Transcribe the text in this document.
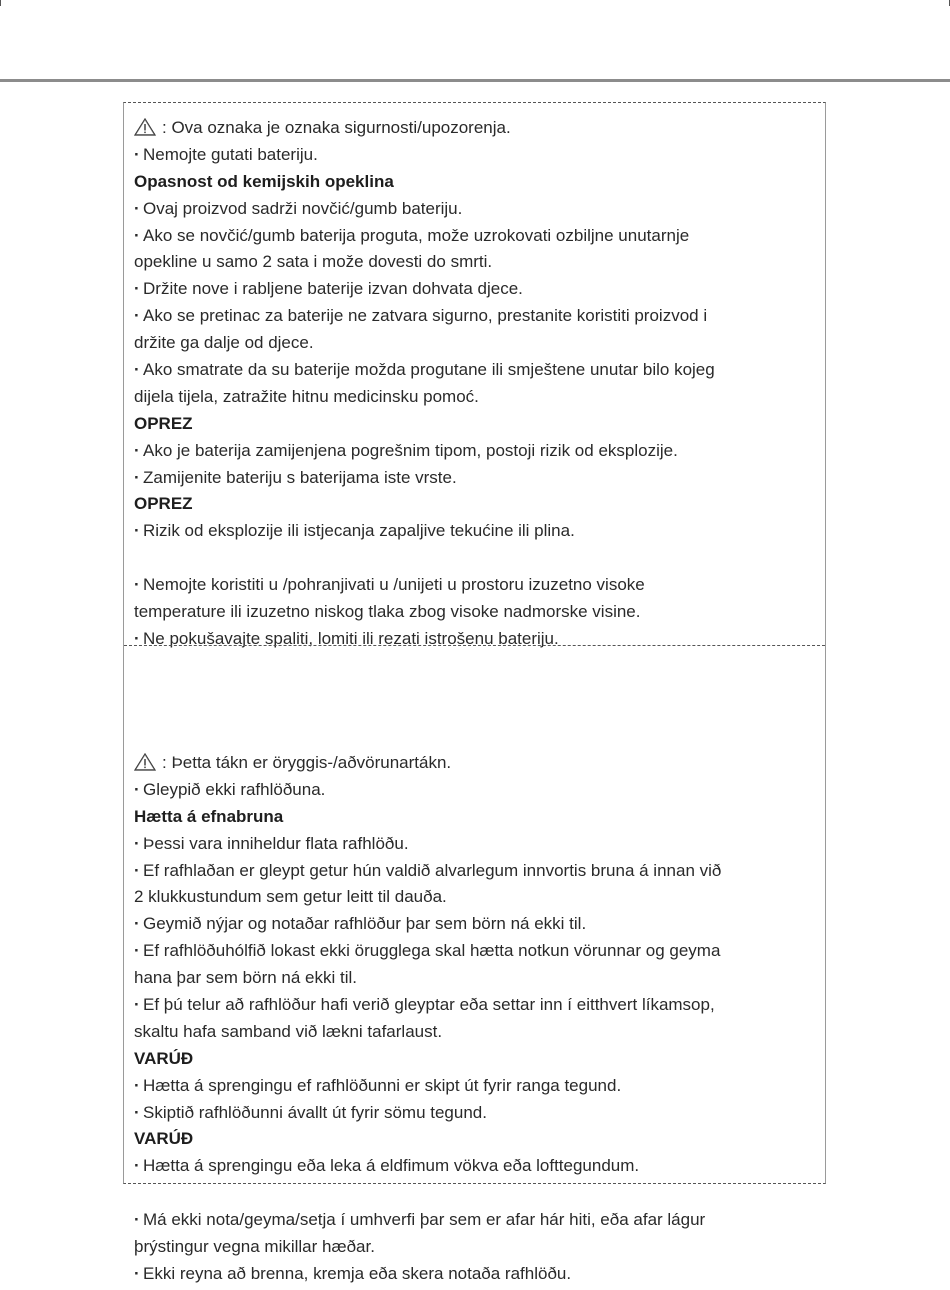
: Ova oznaka je oznaka sigurnosti/upozorenja.
· Nemojte gutati bateriju.
Opasnost od kemijskih opeklina
· Ovaj proizvod sadrži novčić/gumb bateriju.
· Ako se novčić/gumb baterija proguta, može uzrokovati ozbiljne unutarnje
opekline u samo 2 sata i može dovesti do smrti.
· Držite nove i rabljene baterije izvan dohvata djece.
· Ako se pretinac za baterije ne zatvara sigurno, prestanite koristiti proizvod i
držite ga dalje od djece.
· Ako smatrate da su baterije možda progutane ili smještene unutar bilo kojeg
dijela tijela, zatražite hitnu medicinsku pomoć.
OPREZ
· Ako je baterija zamijenjena pogrešnim tipom, postoji rizik od eksplozije.
· Zamijenite bateriju s baterijama iste vrste.
OPREZ
· Rizik od eksplozije ili istjecanja zapaljive tekućine ili plina.
· Nemojte koristiti u /pohranjivati u /unijeti u prostoru izuzetno visoke
temperature ili izuzetno niskog tlaka zbog visoke nadmorske visine.
· Ne pokušavajte spaliti, lomiti ili rezati istrošenu bateriju.
: Þetta tákn er öryggis-/aðvörunartákn.
· Gleypið ekki rafhlöðuna.
Hætta á efnabruna
· Þessi vara inniheldur flata rafhlöðu.
· Ef rafhlaðan er gleypt getur hún valdið alvarlegum innvortis bruna á innan við
2 klukkustundum sem getur leitt til dauða.
· Geymið nýjar og notaðar rafhlöður þar sem börn ná ekki til.
· Ef rafhlöðuhólfið lokast ekki örugglega skal hætta notkun vörunnar og geyma
hana þar sem börn ná ekki til.
· Ef þú telur að rafhlöður hafi verið gleyptar eða settar inn í eitthvert líkamsop,
skaltu hafa samband við lækni tafarlaust.
VARÚÐ
· Hætta á sprengingu ef rafhlöðunni er skipt út fyrir ranga tegund.
· Skiptið rafhlöðunni ávallt út fyrir sömu tegund.
VARÚÐ
· Hætta á sprengingu eða leka á eldfimum vökva eða lofttegundum.
· Má ekki nota/geyma/setja í umhverfi þar sem er afar hár hiti, eða afar lágur
þrýstingur vegna mikillar hæðar.
· Ekki reyna að brenna, kremja eða skera notaða rafhlöðu.
